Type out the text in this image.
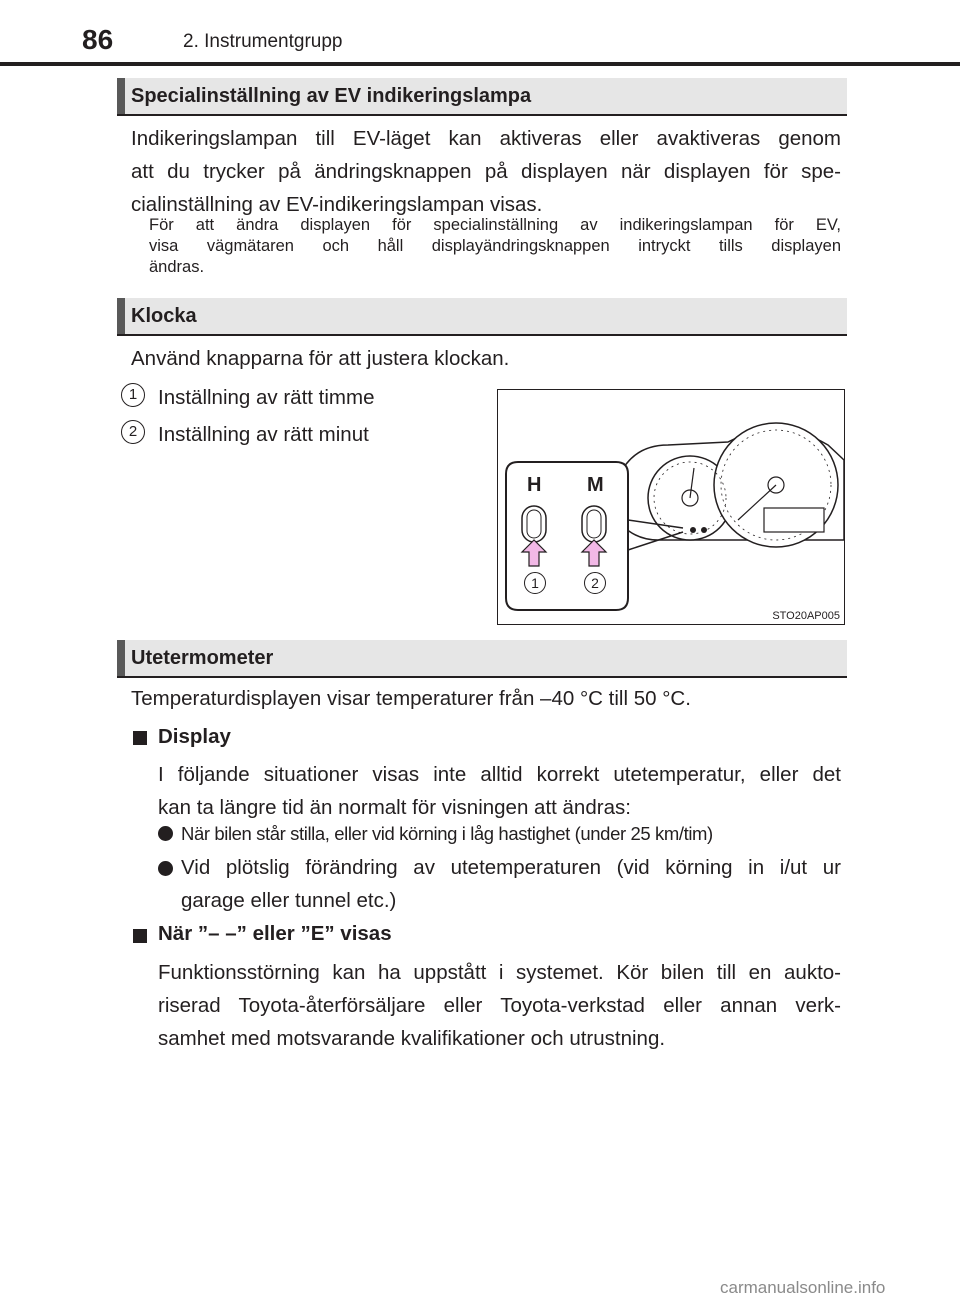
86	2. Instrumentgrupp
Specialinställning av EV indikeringslampa
Indikeringslampan till EV-läget kan aktiveras eller avaktiveras genom
att du trycker på ändringsknappen på displayen när displayen för spe-
cialinställning av EV-indikeringslampan visas.
För att ändra displayen för specialinställning av indikeringslampan för EV,
visa vägmätaren och håll displayändringsknappen intryckt tills displayen
ändras.
Klocka
Använd knapparna för att justera klockan.
1	Inställning av rätt timme
2	Inställning av rätt minut
H M
1	2
STO20AP005
Utetermometer
Temperaturdisplayen visar temperaturer från –40 °C till 50 °C.
Display
I följande situationer visas inte alltid korrekt utetemperatur, eller det
kan ta längre tid än normalt för visningen att ändras:
När bilen står stilla, eller vid körning i låg hastighet (under 25 km/tim)
Vid plötslig förändring av utetemperaturen (vid körning in i/ut ur
garage eller tunnel etc.)
När ”– –” eller ”E” visas
Funktionsstörning kan ha uppstått i systemet. Kör bilen till en aukto-
riserad Toyota-återförsäljare eller Toyota-verkstad eller annan verk-
samhet med motsvarande kvalifikationer och utrustning.
carmanualsonline.info
